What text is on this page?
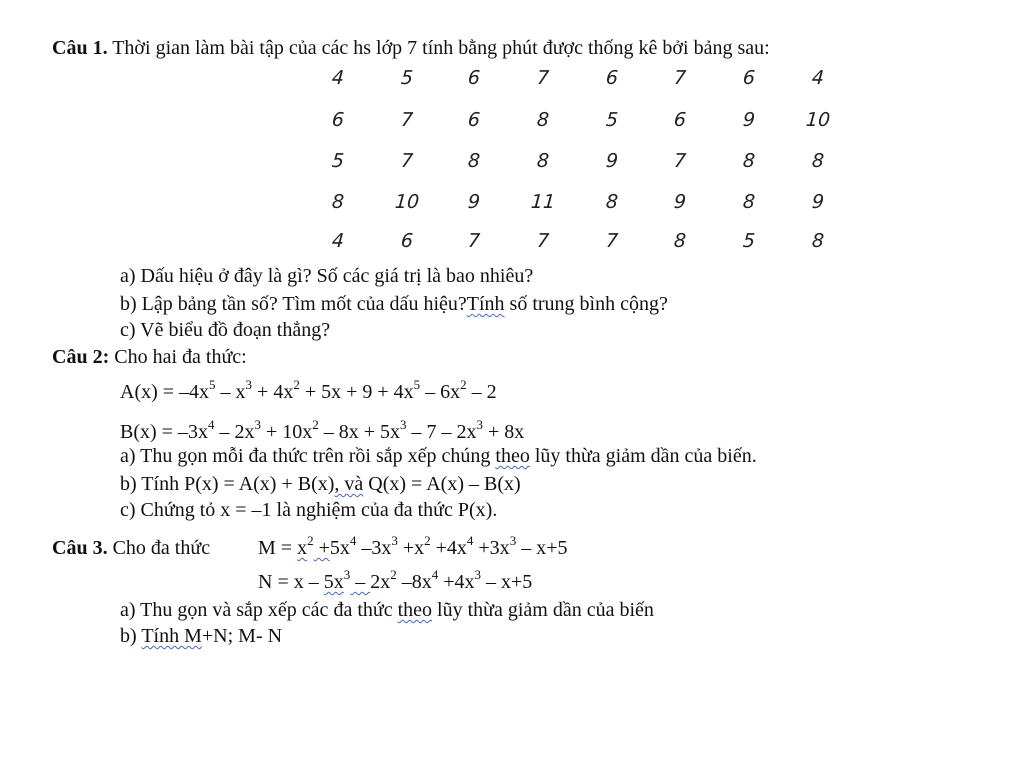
Câu 1. Thời gian làm bài tập của các hs lớp 7 tính bằng phút được thống kê bởi bảng sau:
4	5	6	7	6	7	6	4
6	7	6	8	5	6	9	10
5	7	8	8	9	7	8	8
8	10	9	11	8	9	8	9
4	6	7	7	7	8	5	8
a) Dấu hiệu ở đây là gì? Số các giá trị là bao nhiêu?
b) Lập bảng tần số? Tìm mốt của dấu hiệu?Tính số trung bình cộng?
c) Vẽ biểu đồ đoạn thẳng?
Câu 2: Cho hai đa thức:
$A(x) = -4x^5 - x^3 + 4x^2 + 5x + 9 + 4x^5 - 6x^2 - 2$
$B(x) = -3x^4 - 2x^3 + 10x^2 - 8x + 5x^3 - 7 - 2x^3 + 8x$
a) Thu gọn mỗi đa thức trên rồi sắp xếp chúng theo lũy thừa giảm dần của biến.
b) Tính P(x) = A(x) + B(x), và Q(x) = A(x) – B(x)
c) Chứng tỏ x = –1 là nghiệm của đa thức P(x).
Câu 3. Cho đa thức $M = x^2 +5x^4$ $-3x^3 +x^2 +4x^4 +3x^3 - x+5$
$N = x - 5x^3 - 2x^2$ $-8x^4 +4x^3 - x+5$
a) Thu gọn và sắp xếp các đa thức theo lũy thừa giảm dần của biến
b) Tính M+N; M- N
